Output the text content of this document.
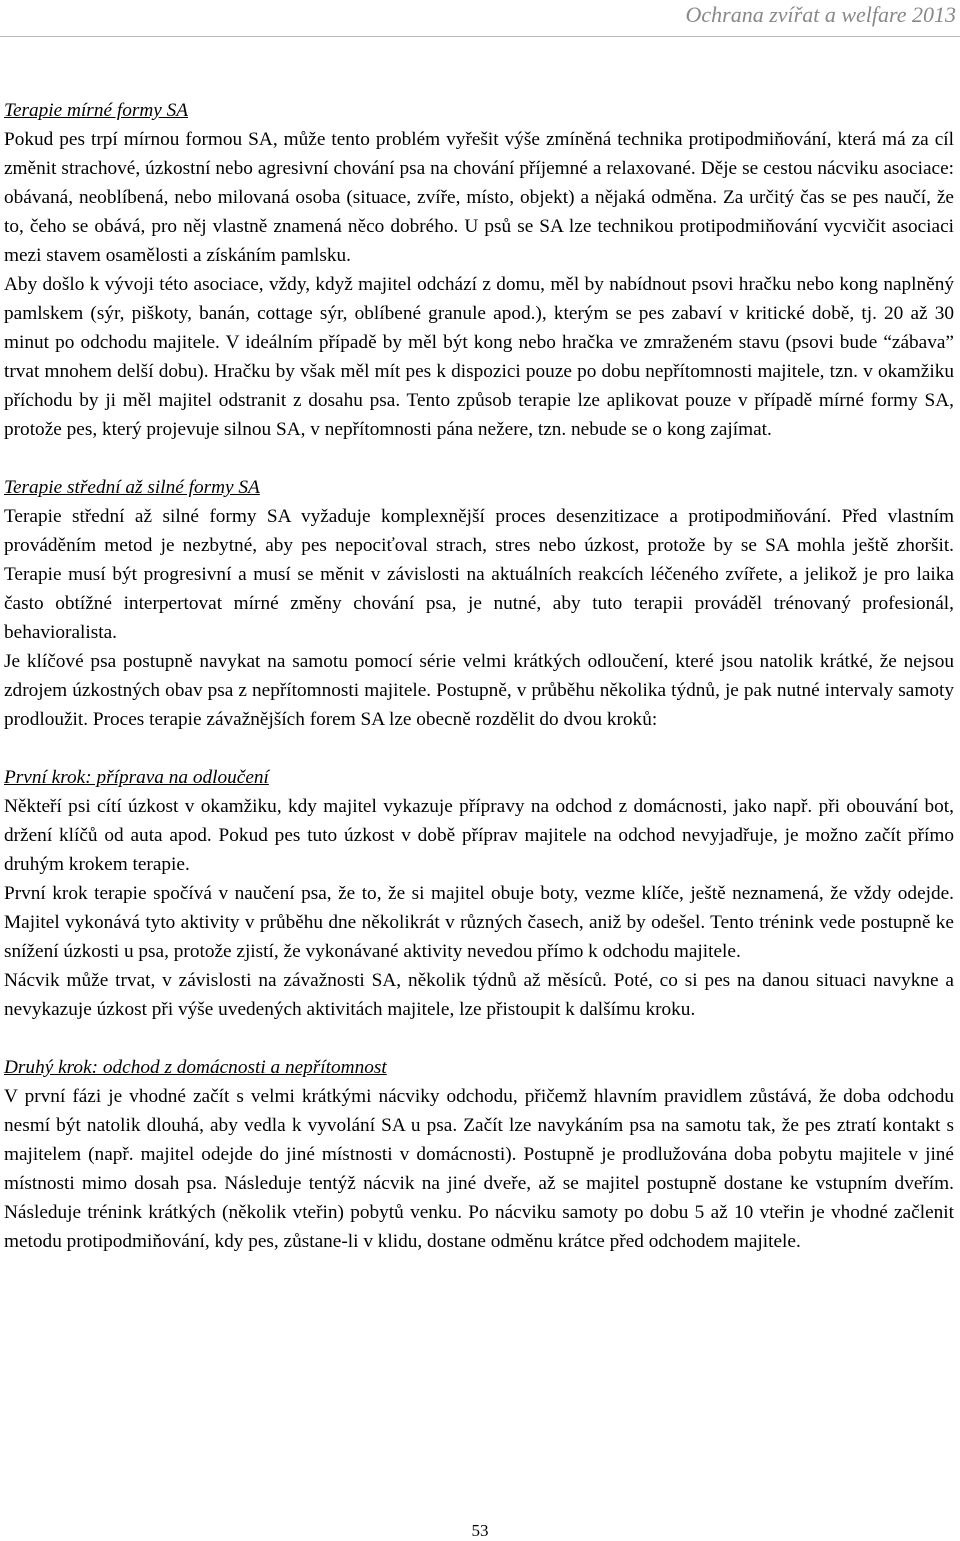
Ochrana zvířat a welfare 2013
Terapie mírné formy SA

Pokud pes trpí mírnou formou SA, může tento problém vyřešit výše zmíněná technika protipodmiňování, která má za cíl změnit strachové, úzkostní nebo agresivní chování psa na chování příjemné a relaxované. Děje se cestou nácviku asociace: obávaná, neoblíbená, nebo milovaná osoba (situace, zvíře, místo, objekt) a nějaká odměna. Za určitý čas se pes naučí, že to, čeho se obává, pro něj vlastně znamená něco dobrého. U psů se SA lze technikou protipodmiňování vycvičit asociaci mezi stavem osamělosti a získáním pamlsku.

Aby došlo k vývoji této asociace, vždy, když majitel odchází z domu, měl by nabídnout psovi hračku nebo kong naplněný pamlskem (sýr, piškoty, banán, cottage sýr, oblíbené granule apod.), kterým se pes zabaví v kritické době, tj. 20 až 30 minut po odchodu majitele. V ideálním případě by měl být kong nebo hračka ve zmraženém stavu (psovi bude “zábava” trvat mnohem delší dobu). Hračku by však měl mít pes k dispozici pouze po dobu nepřítomnosti majitele, tzn. v okamžiku příchodu by ji měl majitel odstranit z dosahu psa. Tento způsob terapie lze aplikovat pouze v případě mírné formy SA, protože pes, který projevuje silnou SA, v nepřítomnosti pána nežere, tzn. nebude se o kong zajímat.

Terapie střední až silné formy SA

Terapie střední až silné formy SA vyžaduje komplexnější proces desenzitizace a protipodmiňování. Před vlastním prováděním metod je nezbytné, aby pes nepociťoval strach, stres nebo úzkost, protože by se SA mohla ještě zhoršit. Terapie musí být progresivní a musí se měnit v závislosti na aktuálních reakcích léčeného zvířete, a jelikož je pro laika často obtížné interpertovat mírné změny chování psa, je nutné, aby tuto terapii prováděl trénovaný profesionál, behavioralista.

Je klíčové psa postupně navykat na samotu pomocí série velmi krátkých odloučení, které jsou natolik krátké, že nejsou zdrojem úzkostných obav psa z nepřítomnosti majitele. Postupně, v průběhu několika týdnů, je pak nutné intervaly samoty prodloužit. Proces terapie závažnějších forem SA lze obecně rozdělit do dvou kroků:

První krok: příprava na odloučení

Někteří psi cítí úzkost v okamžiku, kdy majitel vykazuje přípravy na odchod z domácnosti, jako např. při obouvání bot, držení klíčů od auta apod. Pokud pes tuto úzkost v době příprav majitele na odchod nevyjadřuje, je možno začít přímo druhým krokem terapie.

První krok terapie spočívá v naučení psa, že to, že si majitel obuje boty, vezme klíče, ještě neznamená, že vždy odejde. Majitel vykonává tyto aktivity v průběhu dne několikrát v různých časech, aniž by odešel. Tento trénink vede postupně ke snížení úzkosti u psa, protože zjistí, že vykonávané aktivity nevedou přímo k odchodu majitele.

Nácvik může trvat, v závislosti na závažnosti SA, několik týdnů až měsíců. Poté, co si pes na danou situaci navykne a nevykazuje úzkost při výše uvedených aktivitách majitele, lze přistoupit k dalšímu kroku.

Druhý krok: odchod z domácnosti a nepřítomnost

V první fázi je vhodné začít s velmi krátkými nácviky odchodu, přičemž hlavním pravidlem zůstává, že doba odchodu nesmí být natolik dlouhá, aby vedla k vyvolání SA u psa. Začít lze navykáním psa na samotu tak, že pes ztratí kontakt s majitelem (např. majitel odejde do jiné místnosti v domácnosti). Postupně je prodlužována doba pobytu majitele v jiné místnosti mimo dosah psa. Následuje tentýž nácvik na jiné dveře, až se majitel postupně dostane ke vstupním dveřím. Následuje trénink krátkých (několik vteřin) pobytů venku. Po nácviku samoty po dobu 5 až 10 vteřin je vhodné začlenit metodu protipodmiňování, kdy pes, zůstane-li v klidu, dostane odměnu krátce před odchodem majitele.

53
